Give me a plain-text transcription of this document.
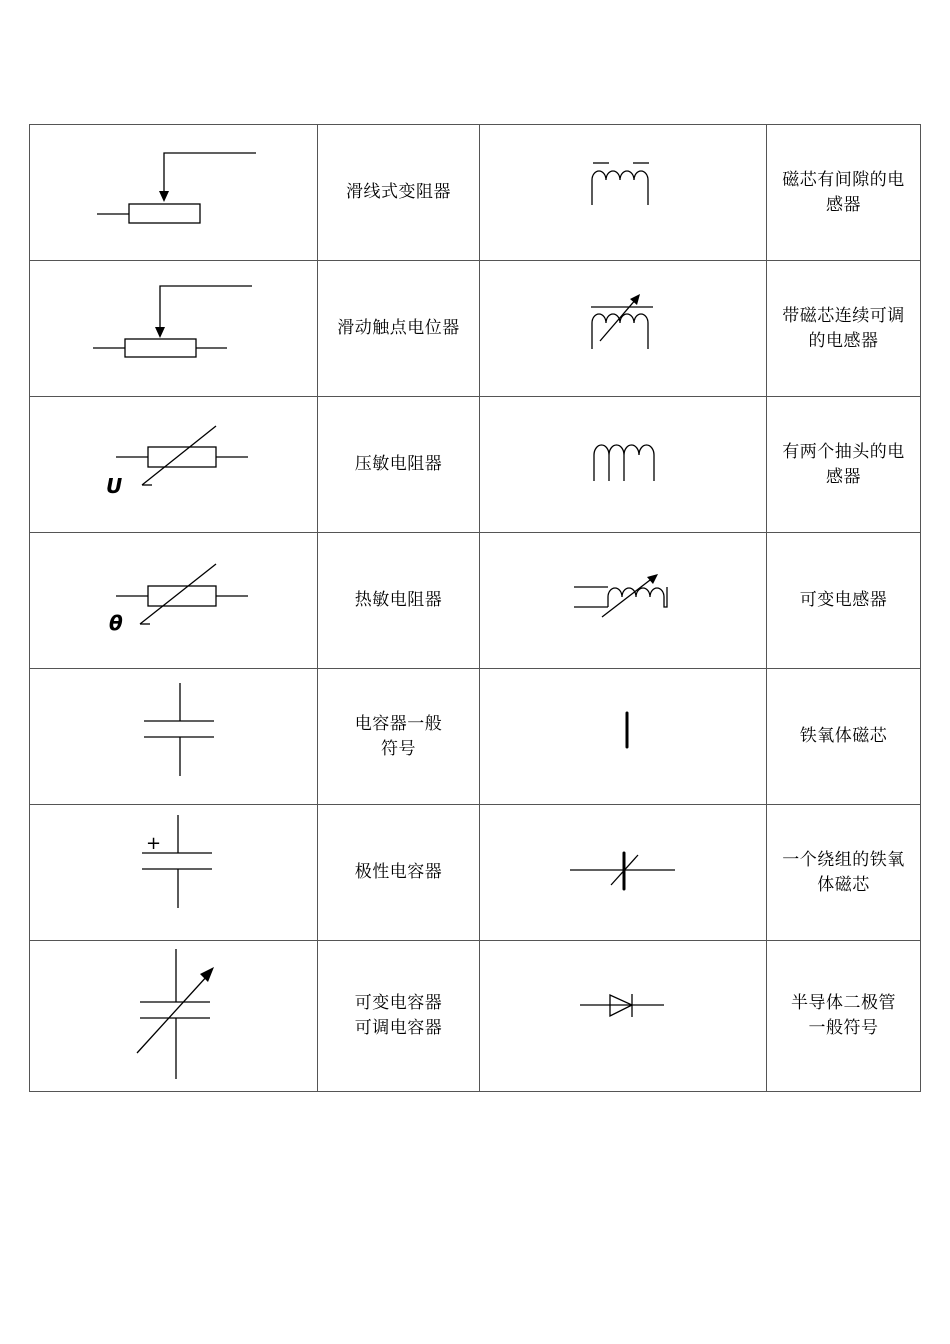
滑线式变阻器		磁芯有间隙的电
感器

滑动触点电位器		带磁芯连续可调
的电感器

U	压敏电阻器		有两个抽头的电
感器

θ	热敏电阻器		可变电感器

电容器一般
符号		铁氧体磁芯

+	极性电容器		一个绕组的铁氧
体磁芯

可变电容器
可调电容器		半导体二极管
一般符号
